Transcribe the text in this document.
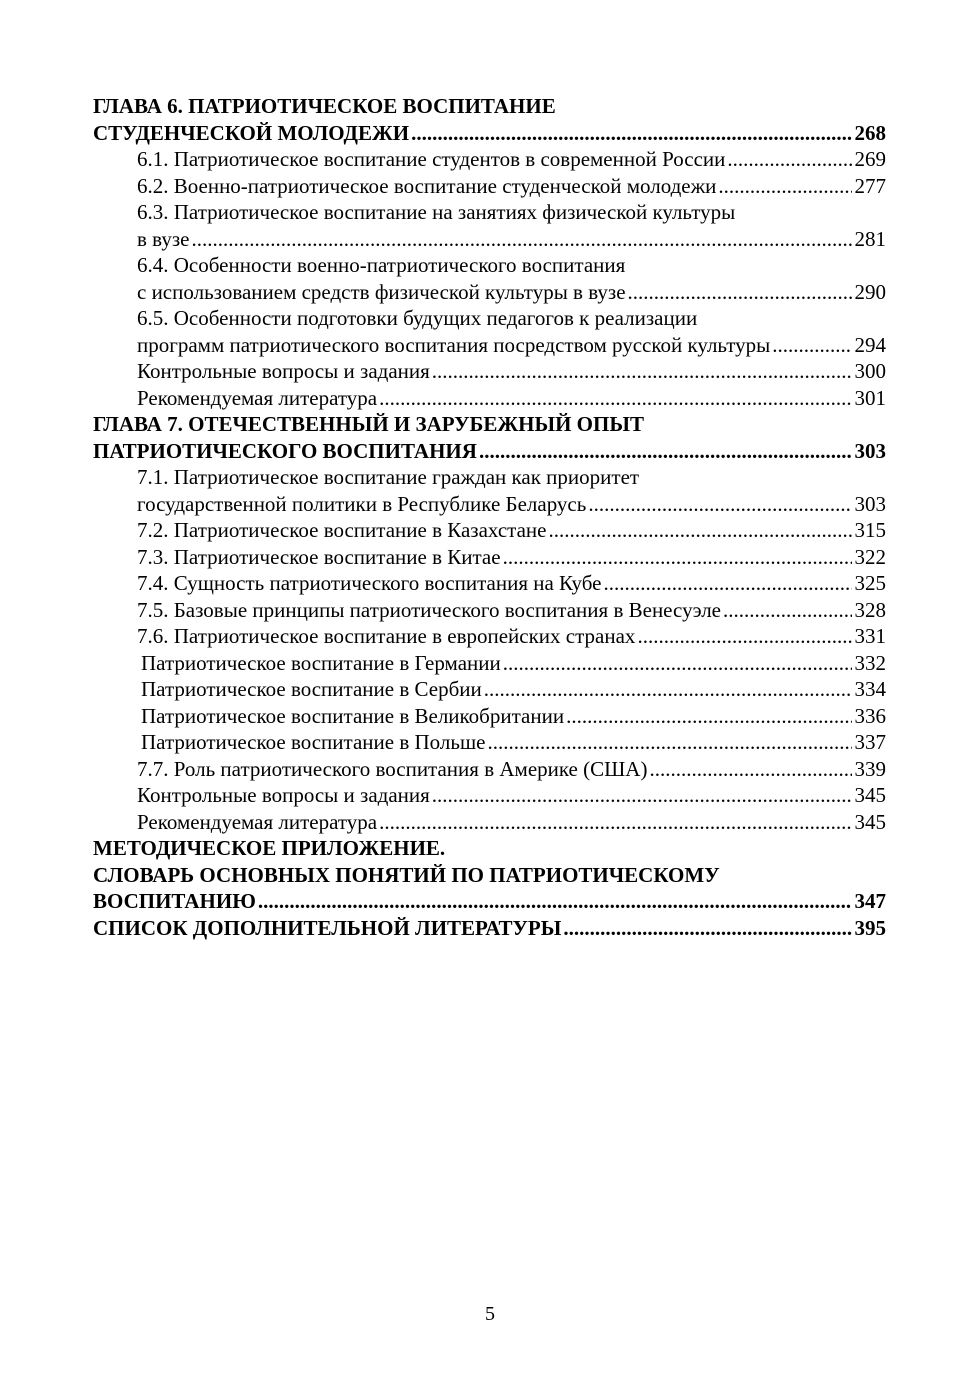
ГЛАВА 6. ПАТРИОТИЧЕСКОЕ ВОСПИТАНИЕ
СТУДЕНЧЕСКОЙ МОЛОДЕЖИ .....	268
6.1. Патриотическое воспитание студентов в современной России .....	269
6.2. Военно-патриотическое воспитание студенческой молодежи .....	277
6.3. Патриотическое воспитание на занятиях физической культуры
в вузе .....	281
6.4. Особенности военно-патриотического воспитания
с использованием средств физической культуры в вузе .....	290
6.5. Особенности подготовки будущих педагогов к реализации
программ патриотического воспитания посредством русской культуры .....	294
Контрольные вопросы и задания .....	300
Рекомендуемая литература .....	301
ГЛАВА 7. ОТЕЧЕСТВЕННЫЙ И ЗАРУБЕЖНЫЙ ОПЫТ
ПАТРИОТИЧЕСКОГО ВОСПИТАНИЯ .....	303
7.1. Патриотическое воспитание граждан как приоритет
государственной политики в Республике Беларусь .....	303
7.2. Патриотическое воспитание в Казахстане .....	315
7.3. Патриотическое воспитание в Китае .....	322
7.4. Сущность патриотического воспитания на Кубе .....	325
7.5. Базовые принципы патриотического воспитания в Венесуэле .....	328
7.6. Патриотическое воспитание в европейских странах .....	331
Патриотическое воспитание в Германии .....	332
Патриотическое воспитание в Сербии .....	334
Патриотическое воспитание в Великобритании .....	336
Патриотическое воспитание в Польше .....	337
7.7. Роль патриотического воспитания в Америке (США) .....	339
Контрольные вопросы и задания .....	345
Рекомендуемая литература .....	345
МЕТОДИЧЕСКОЕ ПРИЛОЖЕНИЕ.
СЛОВАРЬ ОСНОВНЫХ ПОНЯТИЙ ПО ПАТРИОТИЧЕСКОМУ
ВОСПИТАНИЮ .....	347
СПИСОК ДОПОЛНИТЕЛЬНОЙ ЛИТЕРАТУРЫ .....	395
5
